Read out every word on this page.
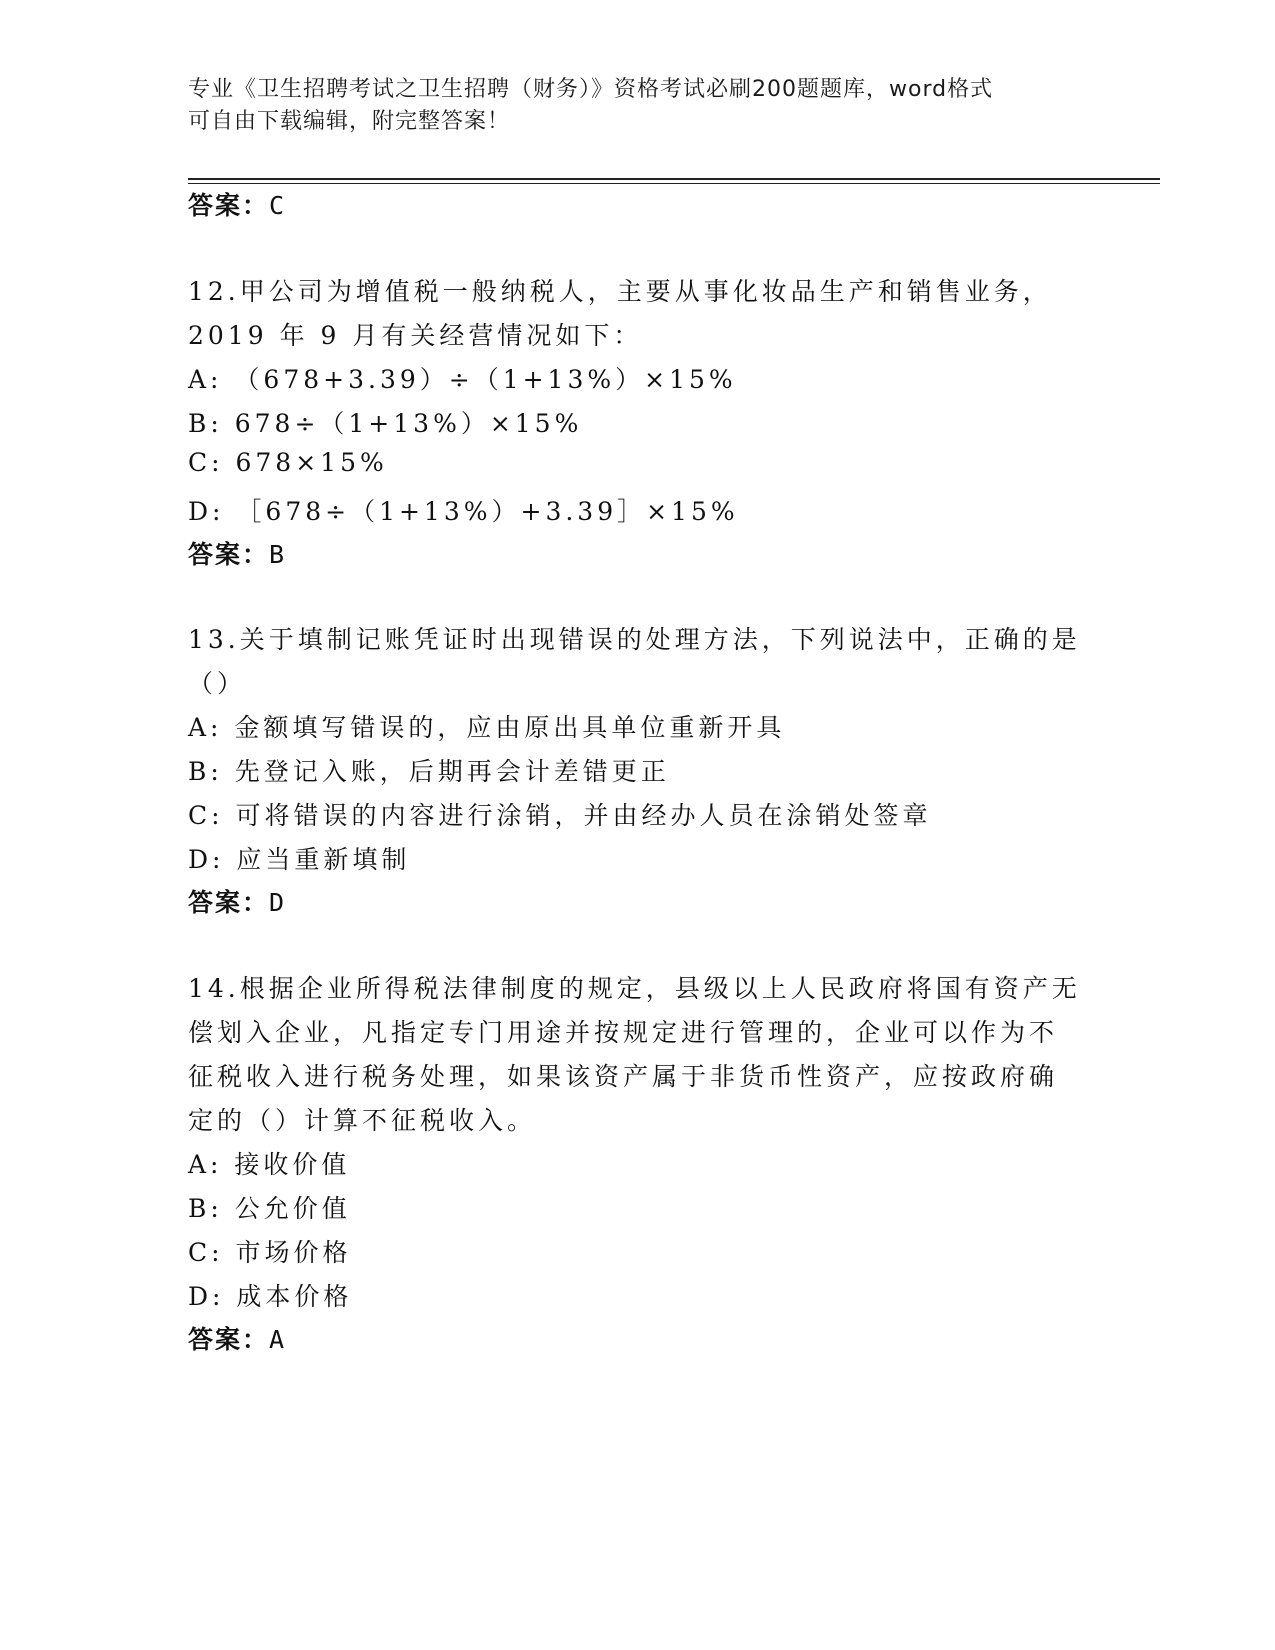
专业《卫生招聘考试之卫生招聘（财务）》资格考试必刷200题题库，word格式
可自由下载编辑，附完整答案！
答案：C
12.甲公司为增值税一般纳税人，主要从事化妆品生产和销售业务，
2019 年 9 月有关经营情况如下：
A: （678+3.39）÷（1+13%）×15%
B: 678÷（1+13%）×15%
C: 678×15%
D: ［678÷（1+13%）+3.39］×15%
答案：B
13.关于填制记账凭证时出现错误的处理方法，下列说法中，正确的是
（）
A: 金额填写错误的，应由原出具单位重新开具
B: 先登记入账，后期再会计差错更正
C: 可将错误的内容进行涂销，并由经办人员在涂销处签章
D: 应当重新填制
答案：D
14.根据企业所得税法律制度的规定，县级以上人民政府将国有资产无
偿划入企业，凡指定专门用途并按规定进行管理的，企业可以作为不
征税收入进行税务处理，如果该资产属于非货币性资产，应按政府确
定的（）计算不征税收入。
A: 接收价值
B: 公允价值
C: 市场价格
D: 成本价格
答案：A
